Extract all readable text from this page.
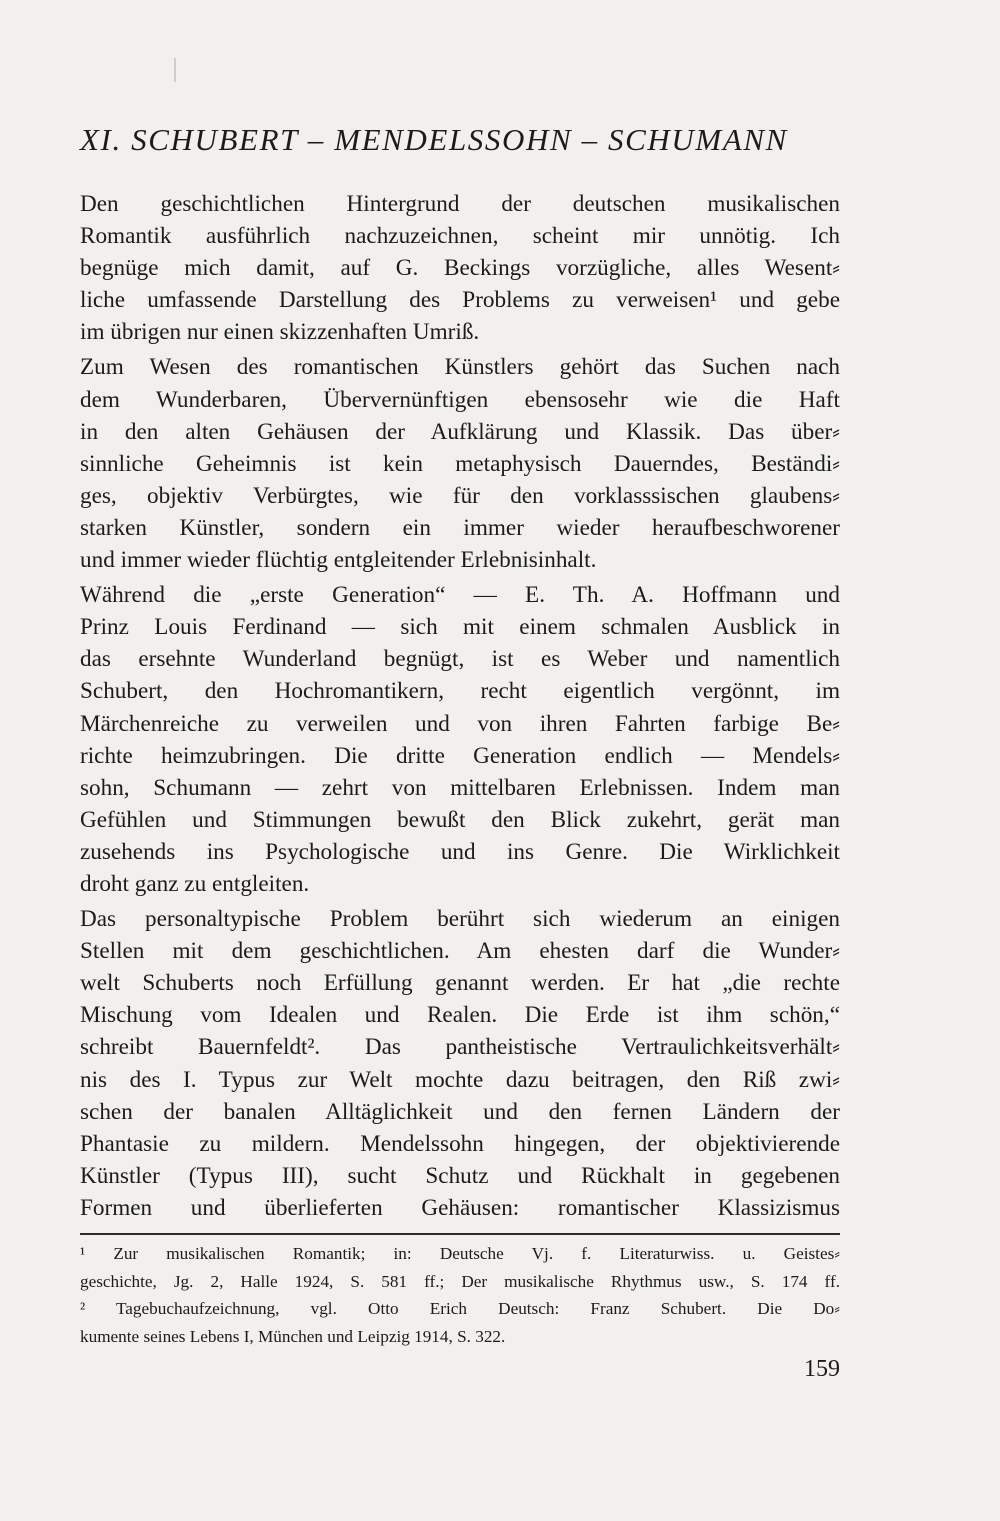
XI. SCHUBERT – MENDELSSOHN – SCHUMANN
Den geschichtlichen Hintergrund der deutschen musikalischen
Romantik ausführlich nachzuzeichnen, scheint mir unnötig. Ich
begnüge mich damit, auf G. Beckings vorzügliche, alles Wesent⸗
liche umfassende Darstellung des Problems zu verweisen¹ und gebe
im übrigen nur einen skizzenhaften Umriß.
Zum Wesen des romantischen Künstlers gehört das Suchen nach
dem Wunderbaren, Übervernünftigen ebensosehr wie die Haft
in den alten Gehäusen der Aufklärung und Klassik. Das über⸗
sinnliche Geheimnis ist kein metaphysisch Dauerndes, Beständi⸗
ges, objektiv Verbürgtes, wie für den vorklasssischen glaubens⸗
starken Künstler, sondern ein immer wieder heraufbeschworener
und immer wieder flüchtig entgleitender Erlebnisinhalt.
Während die „erste Generation“ — E. Th. A. Hoffmann und
Prinz Louis Ferdinand — sich mit einem schmalen Ausblick in
das ersehnte Wunderland begnügt, ist es Weber und namentlich
Schubert, den Hochromantikern, recht eigentlich vergönnt, im
Märchenreiche zu verweilen und von ihren Fahrten farbige Be⸗
richte heimzubringen. Die dritte Generation endlich — Mendels⸗
sohn, Schumann — zehrt von mittelbaren Erlebnissen. Indem man
Gefühlen und Stimmungen bewußt den Blick zukehrt, gerät man
zusehends ins Psychologische und ins Genre. Die Wirklichkeit
droht ganz zu entgleiten.
Das personaltypische Problem berührt sich wiederum an einigen
Stellen mit dem geschichtlichen. Am ehesten darf die Wunder⸗
welt Schuberts noch Erfüllung genannt werden. Er hat „die rechte
Mischung vom Idealen und Realen. Die Erde ist ihm schön,“
schreibt Bauernfeldt². Das pantheistische Vertraulichkeitsverhält⸗
nis des I. Typus zur Welt mochte dazu beitragen, den Riß zwi⸗
schen der banalen Alltäglichkeit und den fernen Ländern der
Phantasie zu mildern. Mendelssohn hingegen, der objektivierende
Künstler (Typus III), sucht Schutz und Rückhalt in gegebenen
Formen und überlieferten Gehäusen: romantischer Klassizismus
¹ Zur musikalischen Romantik; in: Deutsche Vj. f. Literaturwiss. u. Geistes⸗
geschichte, Jg. 2, Halle 1924, S. 581 ff.; Der musikalische Rhythmus usw., S. 174 ff.
² Tagebuchaufzeichnung, vgl. Otto Erich Deutsch: Franz Schubert. Die Do⸗
kumente seines Lebens I, München und Leipzig 1914, S. 322.
159
